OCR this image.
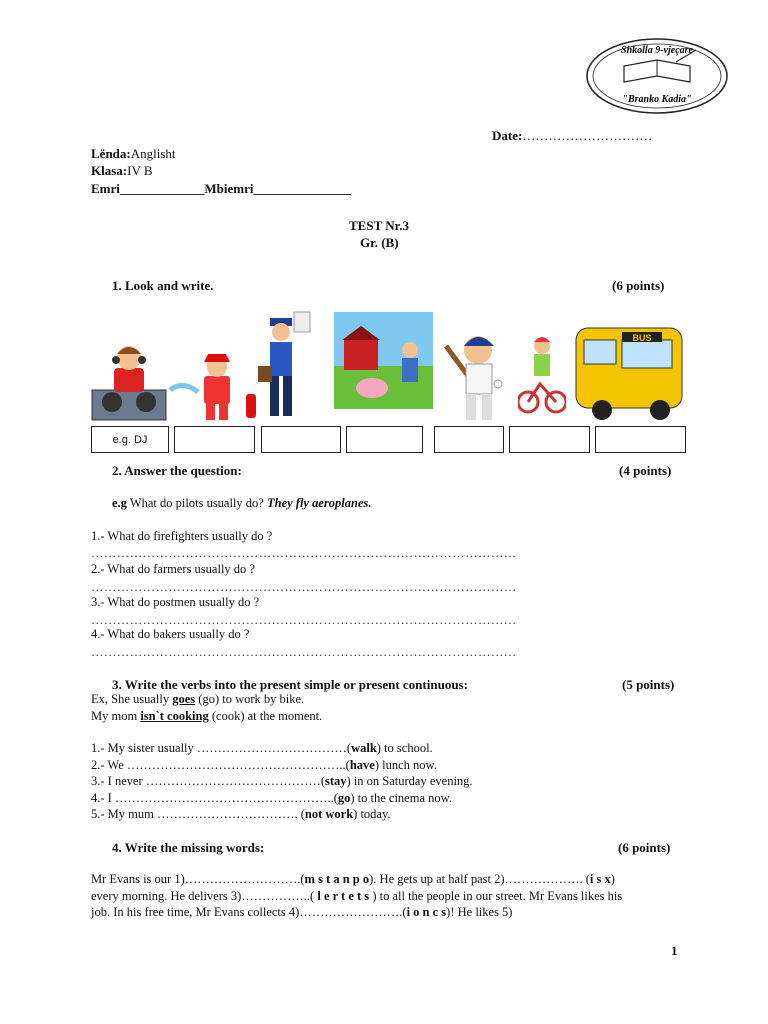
Shkolla 9-vjeçare
"Branko Kadia"
Date:…………………………
Lënda:Anglisht
Klasa:IV B
Emri_____________Mbiemri_______________
TEST Nr.3
Gr. (B)
1. Look and write.	(6 points)
BUS
e.g. DJ
2. Answer the question:	(4 points)
e.g What do pilots usually do? They fly aeroplanes.
1.- What do firefighters usually do ?
………………………………………………………………………………………
2.- What do farmers usually do ?
………………………………………………………………………………………
3.- What do postmen usually do ?
………………………………………………………………………………………
4.- What do bakers usually do ?
………………………………………………………………………………………
3. Write the verbs into the present simple or present continuous:	(5 points)
Ex, She usually goes (go) to work by bike.
My mom isn`t cooking (cook) at the moment.
1.- My sister usually ………………………………(walk) to school.
2.- We ……………………………………………..(have) lunch now.
3.- I never ……………………………………(stay) in on Saturday evening.
4.- I ……………………………………………..(go) to the cinema now.
5.- My mum ……………………………. (not work) today.
4. Write the missing words:	(6 points)
Mr Evans is our 1)……………………….(m s t a n p o). He gets up at half past 2)………………. (i s x)
every morning. He delivers 3)……………..( l e r t e t s ) to all the people in our street. Mr Evans likes his
job. In his free time, Mr Evans collects 4)…………………….(i o n c s)! He likes 5)
1
